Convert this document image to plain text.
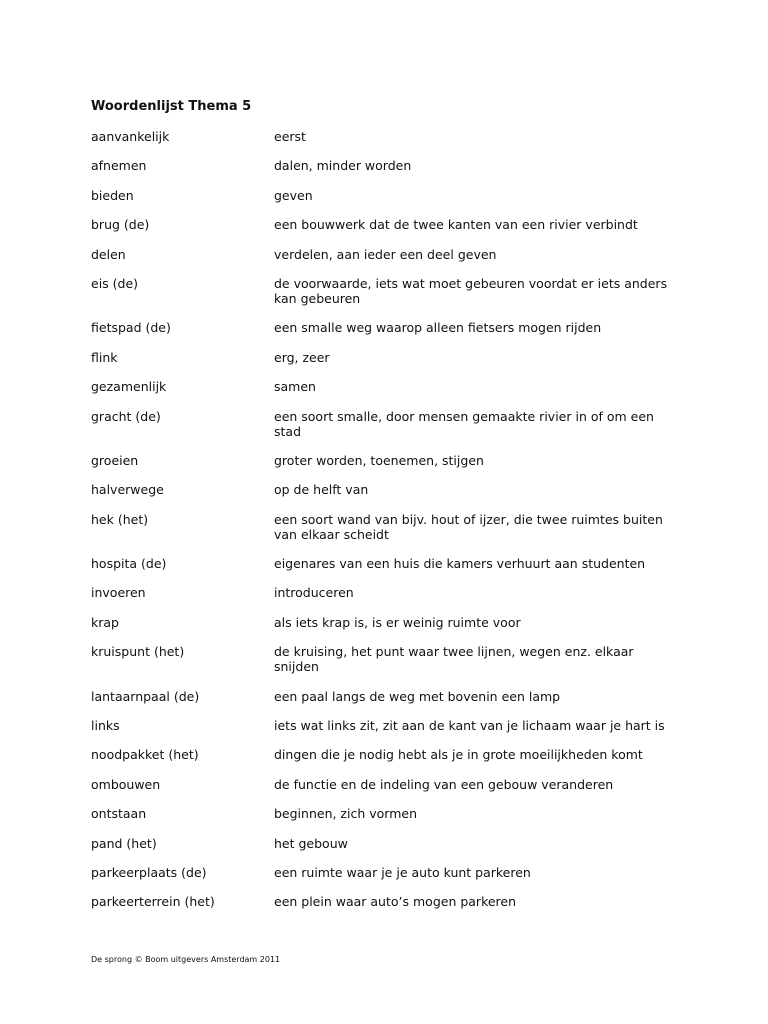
Woordenlijst Thema 5
aanvankelijk	eerst
afnemen	dalen, minder worden
bieden	geven
brug (de)	een bouwwerk dat de twee kanten van een rivier verbindt
delen	verdelen, aan ieder een deel geven
eis (de)	de voorwaarde, iets wat moet gebeuren voordat er iets anders kan gebeuren
fietspad (de)	een smalle weg waarop alleen fietsers mogen rijden
flink	erg, zeer
gezamenlijk	samen
gracht (de)	een soort smalle, door mensen gemaakte rivier in of om een stad
groeien	groter worden, toenemen, stijgen
halverwege	op de helft van
hek (het)	een soort wand van bijv. hout of ijzer, die twee ruimtes buiten van elkaar scheidt
hospita (de)	eigenares van een huis die kamers verhuurt aan studenten
invoeren	introduceren
krap	als iets krap is, is er weinig ruimte voor
kruispunt (het)	de kruising, het punt waar twee lijnen, wegen enz. elkaar snijden
lantaarnpaal (de)	een paal langs de weg met bovenin een lamp
links	iets wat links zit, zit aan de kant van je lichaam waar je hart is
noodpakket (het)	dingen die je nodig hebt als je in grote moeilijkheden komt
ombouwen	de functie en de indeling van een gebouw veranderen
ontstaan	beginnen, zich vormen
pand (het)	het gebouw
parkeerplaats (de)	een ruimte waar je je auto kunt parkeren
parkeerterrein (het)	een plein waar auto’s mogen parkeren
De sprong © Boom uitgevers Amsterdam 2011
